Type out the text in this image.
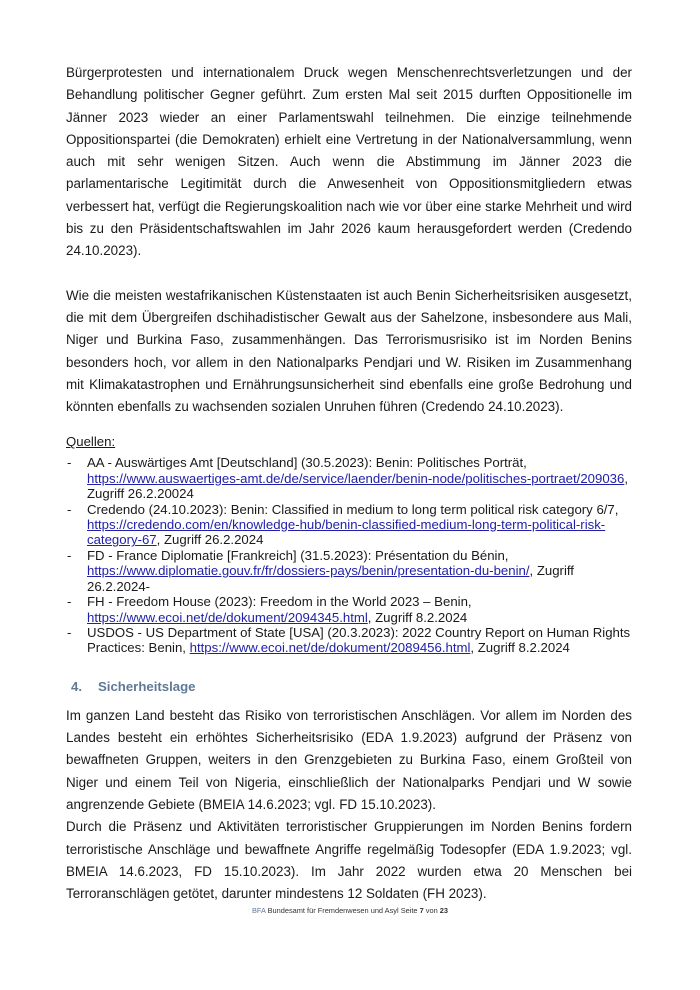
Bürgerprotesten und internationalem Druck wegen Menschenrechtsverletzungen und der Behandlung politischer Gegner geführt. Zum ersten Mal seit 2015 durften Oppositionelle im Jänner 2023 wieder an einer Parlamentswahl teilnehmen. Die einzige teilnehmende Oppositionspartei (die Demokraten) erhielt eine Vertretung in der Nationalversammlung, wenn auch mit sehr wenigen Sitzen. Auch wenn die Abstimmung im Jänner 2023 die parlamentarische Legitimität durch die Anwesenheit von Oppositionsmitgliedern etwas verbessert hat, verfügt die Regierungskoalition nach wie vor über eine starke Mehrheit und wird bis zu den Präsidentschaftswahlen im Jahr 2026 kaum herausgefordert werden (Credendo 24.10.2023).

Wie die meisten westafrikanischen Küstenstaaten ist auch Benin Sicherheitsrisiken ausgesetzt, die mit dem Übergreifen dschihadistischer Gewalt aus der Sahelzone, insbesondere aus Mali, Niger und Burkina Faso, zusammenhängen. Das Terrorismusrisiko ist im Norden Benins besonders hoch, vor allem in den Nationalparks Pendjari und W. Risiken im Zusammenhang mit Klimakatastrophen und Ernährungsunsicherheit sind ebenfalls eine große Bedrohung und könnten ebenfalls zu wachsenden sozialen Unruhen führen (Credendo 24.10.2023).

Quellen:
- AA - Auswärtiges Amt [Deutschland] (30.5.2023): Benin: Politisches Porträt, https://www.auswaertiges-amt.de/de/service/laender/benin-node/politisches-portraet/209036, Zugriff 26.2.20024
- Credendo (24.10.2023): Benin: Classified in medium to long term political risk category 6/7, https://credendo.com/en/knowledge-hub/benin-classified-medium-long-term-political-risk-category-67, Zugriff 26.2.2024
- FD - France Diplomatie [Frankreich] (31.5.2023): Présentation du Bénin, https://www.diplomatie.gouv.fr/fr/dossiers-pays/benin/presentation-du-benin/, Zugriff 26.2.2024-
- FH - Freedom House (2023): Freedom in the World 2023 – Benin, https://www.ecoi.net/de/dokument/2094345.html, Zugriff 8.2.2024
- USDOS - US Department of State [USA] (20.3.2023): 2022 Country Report on Human Rights Practices: Benin, https://www.ecoi.net/de/dokument/2089456.html, Zugriff 8.2.2024
4. Sicherheitslage

Im ganzen Land besteht das Risiko von terroristischen Anschlägen. Vor allem im Norden des Landes besteht ein erhöhtes Sicherheitsrisiko (EDA 1.9.2023) aufgrund der Präsenz von bewaffneten Gruppen, weiters in den Grenzgebieten zu Burkina Faso, einem Großteil von Niger und einem Teil von Nigeria, einschließlich der Nationalparks Pendjari und W sowie angrenzende Gebiete (BMEIA 14.6.2023; vgl. FD 15.10.2023).

Durch die Präsenz und Aktivitäten terroristischer Gruppierungen im Norden Benins fordern terroristische Anschläge und bewaffnete Angriffe regelmäßig Todesopfer (EDA 1.9.2023; vgl. BMEIA 14.6.2023, FD 15.10.2023). Im Jahr 2022 wurden etwa 20 Menschen bei Terroranschlägen getötet, darunter mindestens 12 Soldaten (FH 2023).

BFA Bundesamt für Fremdenwesen und Asyl Seite 7 von 23
